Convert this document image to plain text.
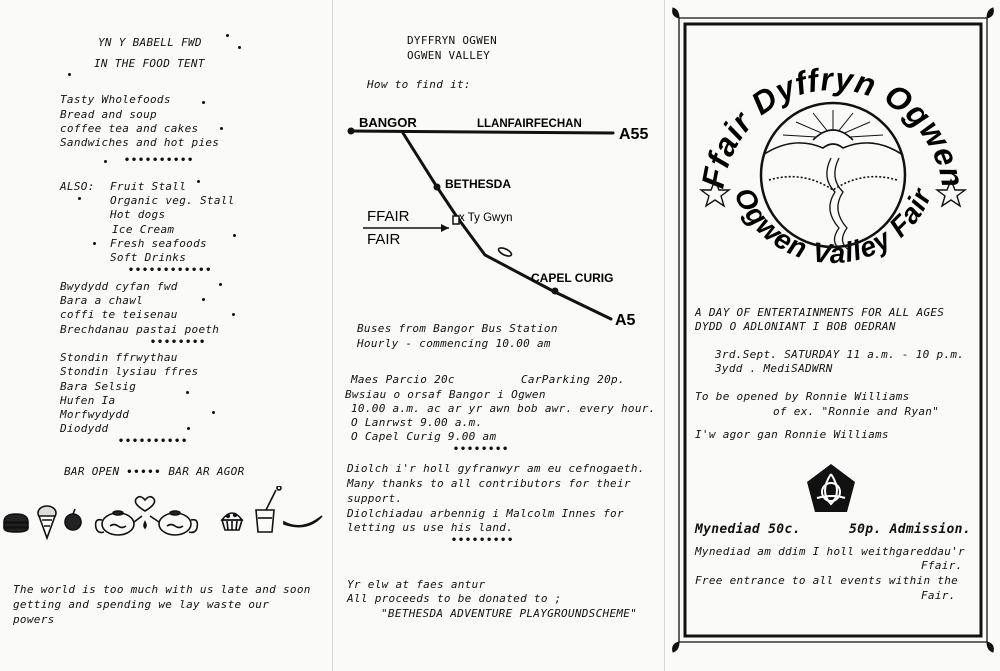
YN Y BABELL FWD
IN THE FOOD TENT
Tasty Wholefoods
Bread and soup
coffee tea and cakes
Sandwiches and hot pies
••••••••••
ALSO: Fruit Stall
Organic veg. Stall
Hot dogs
Ice Cream
Fresh seafoods
Soft Drinks
••••••••••••
Bwydydd cyfan fwd
Bara a chawl
coffi te teisenau
Brechdanau pastai poeth
••••••••
Stondin ffrwythau
Stondin lysiau ffres
Bara Selsig
Hufen Ia
Morfwydydd
Diodydd
••••••••••
BAR OPEN ••••• BAR AR AGOR
The world is too much with us late and soon
getting and spending we lay waste our
powers
DYFFRYN OGWEN
OGWEN VALLEY
How to find it:
BANGOR	LLANFAIRFECHAN
A55
BETHESDA
FFAIR
FAIR
x Ty Gwyn
CAPEL CURIG
A5
Buses from Bangor Bus Station
Hourly - commencing 10.00 am
Maes Parcio 20c	CarParking 20p.
Bwsiau o orsaf Bangor i Ogwen
10.00 a.m. ac ar yr awn bob awr. every hour.
O Lanrwst 9.00 a.m.
O Capel Curig 9.00 am
••••••••
Diolch i'r holl gyfranwyr am eu cefnogaeth.
Many thanks to all contributors for their
support.
Diolchiadau arbennig i Malcolm Innes for
letting us use his land.
•••••••••
Yr elw at faes antur
All proceeds to be donated to ;
"BETHESDA ADVENTURE PLAYGROUNDSCHEME"
Ffair Dyffryn Ogwen
Ogwen Valley Fair
A DAY OF ENTERTAINMENTS FOR ALL AGES
DYDD O ADLONIANT I BOB OEDRAN
3rd.Sept. SATURDAY 11 a.m. - 10 p.m.
3ydd . MediSADWRN
To be opened by Ronnie Williams
of ex. "Ronnie and Ryan"
I'w agor gan Ronnie Williams
Mynediad 50c.	50p. Admission.
Mynediad am ddim I holl weithgareddau'r
Ffair.
Free entrance to all events within the
Fair.
